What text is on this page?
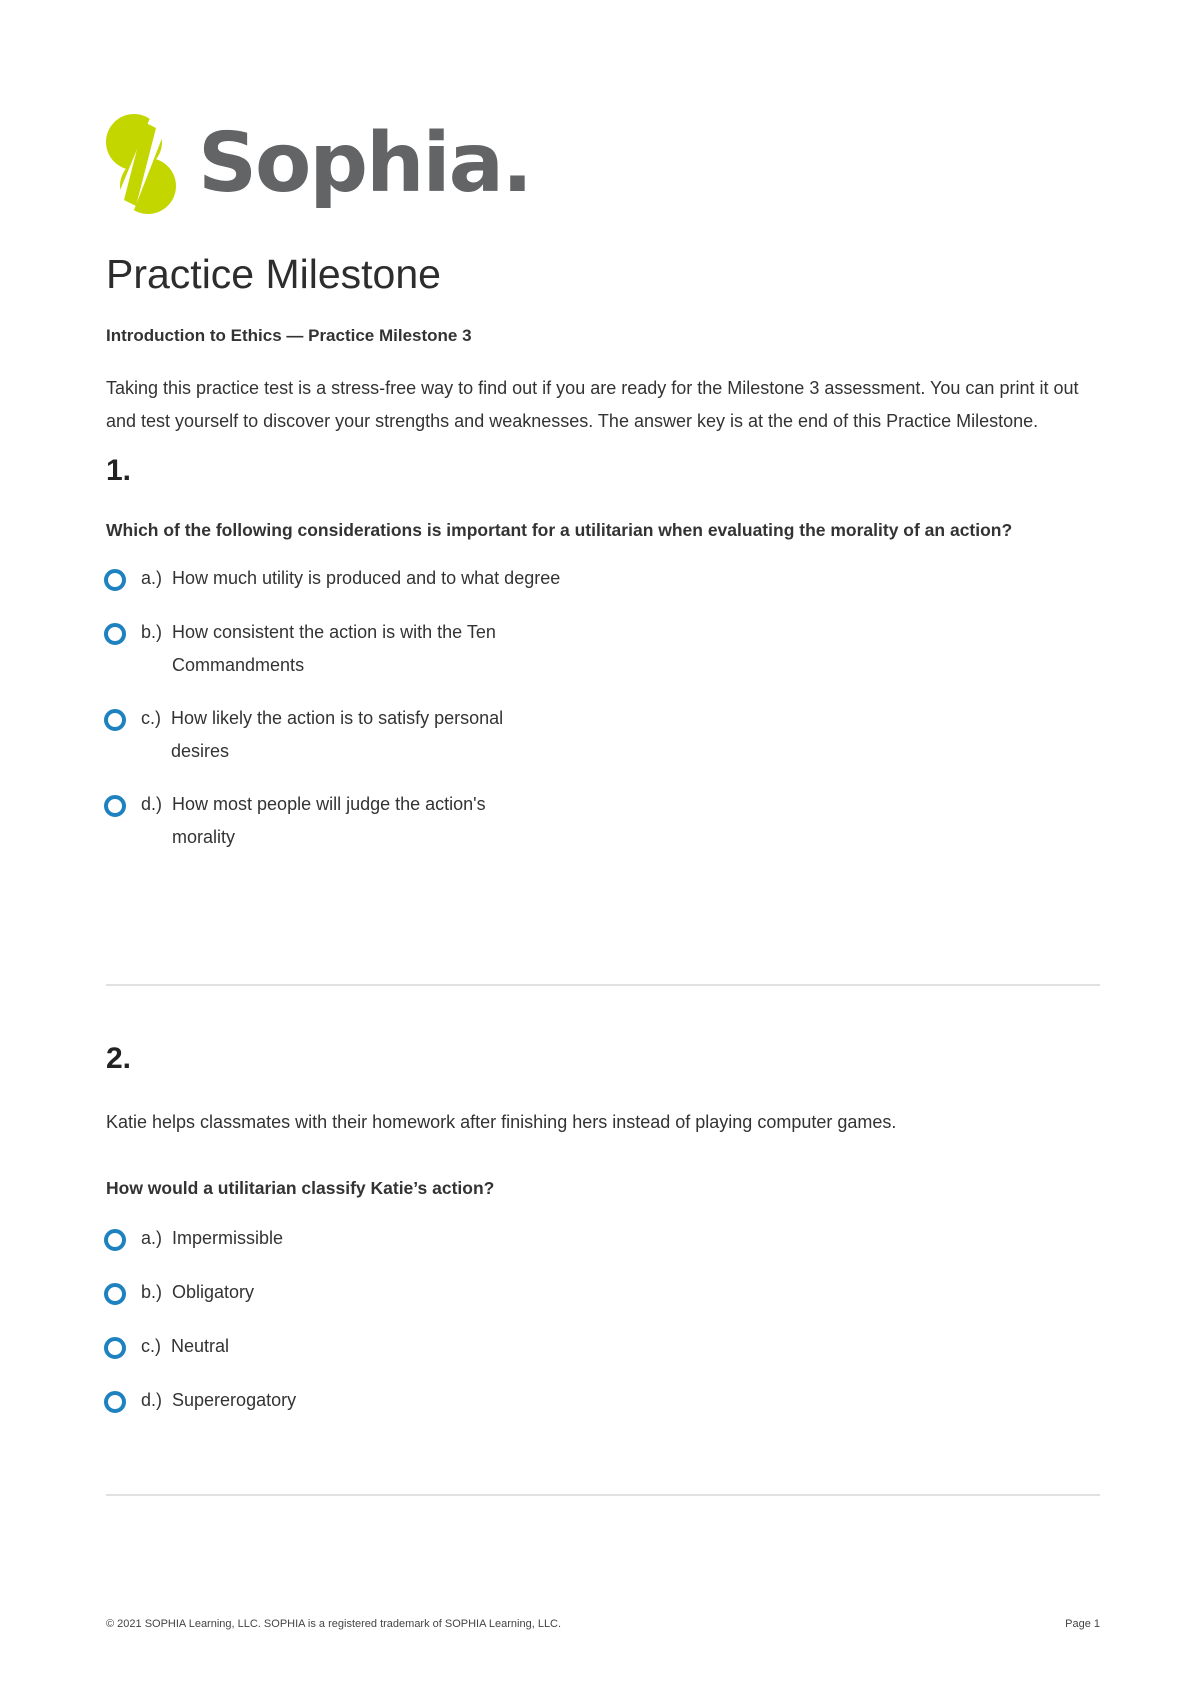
Sophia.
Practice Milestone

Introduction to Ethics — Practice Milestone 3

Taking this practice test is a stress-free way to find out if you are ready for the Milestone 3 assessment. You can print it out and test yourself to discover your strengths and weaknesses. The answer key is at the end of this Practice Milestone.

1.

Which of the following considerations is important for a utilitarian when evaluating the morality of an action?

a.) How much utility is produced and to what degree
b.) How consistent the action is with the Ten Commandments
c.) How likely the action is to satisfy personal desires
d.) How most people will judge the action's morality
2.

Katie helps classmates with their homework after finishing hers instead of playing computer games.

How would a utilitarian classify Katie’s action?

a.) Impermissible
b.) Obligatory
c.) Neutral
d.) Supererogatory
© 2021 SOPHIA Learning, LLC. SOPHIA is a registered trademark of SOPHIA Learning, LLC.	Page 1
